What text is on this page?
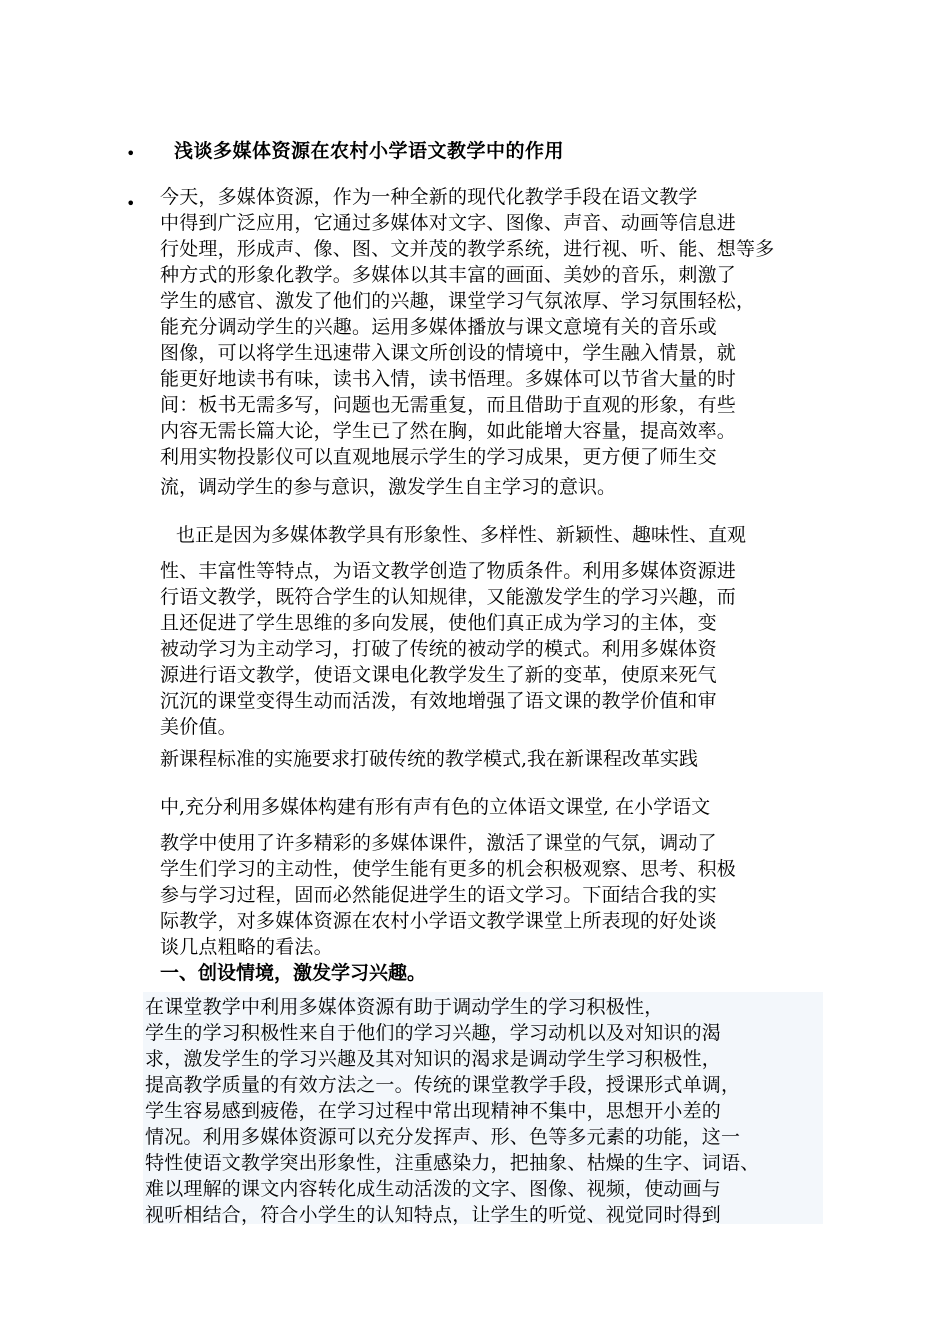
• 浅谈多媒体资源在农村小学语文教学中的作用
• 今天，多媒体资源，作为一种全新的现代化教学手段在语文教学
中得到广泛应用，它通过多媒体对文字、图像、声音、动画等信息进
行处理，形成声、像、图、文并茂的教学系统，进行视、听、能、想等多
种方式的形象化教学。多媒体以其丰富的画面、美妙的音乐，刺激了
学生的感官、激发了他们的兴趣，课堂学习气氛浓厚、学习氛围轻松，
能充分调动学生的兴趣。运用多媒体播放与课文意境有关的音乐或
图像，可以将学生迅速带入课文所创设的情境中，学生融入情景，就
能更好地读书有味，读书入情，读书悟理。多媒体可以节省大量的时
间：板书无需多写，问题也无需重复，而且借助于直观的形象，有些
内容无需长篇大论，学生已了然在胸，如此能增大容量，提高效率。
利用实物投影仪可以直观地展示学生的学习成果，更方便了师生交
流，调动学生的参与意识，激发学生自主学习的意识。
也正是因为多媒体教学具有形象性、多样性、新颖性、趣味性、直观
性、丰富性等特点，为语文教学创造了物质条件。利用多媒体资源进
行语文教学，既符合学生的认知规律，又能激发学生的学习兴趣，而
且还促进了学生思维的多向发展，使他们真正成为学习的主体，变
被动学习为主动学习，打破了传统的被动学的模式。利用多媒体资
源进行语文教学，使语文课电化教学发生了新的变革，使原来死气
沉沉的课堂变得生动而活泼，有效地增强了语文课的教学价值和审
美价值。
新课程标准的实施要求打破传统的教学模式,我在新课程改革实践
中,充分利用多媒体构建有形有声有色的立体语文课堂, 在小学语文
教学中使用了许多精彩的多媒体课件，激活了课堂的气氛，调动了
学生们学习的主动性，使学生能有更多的机会积极观察、思考、积极
参与学习过程，固而必然能促进学生的语文学习。下面结合我的实
际教学，对多媒体资源在农村小学语文教学课堂上所表现的好处谈
谈几点粗略的看法。
一、创设情境，激发学习兴趣。
在课堂教学中利用多媒体资源有助于调动学生的学习积极性，
学生的学习积极性来自于他们的学习兴趣，学习动机以及对知识的渴
求，激发学生的学习兴趣及其对知识的渴求是调动学生学习积极性，
提高教学质量的有效方法之一。传统的课堂教学手段，授课形式单调，
学生容易感到疲倦，在学习过程中常出现精神不集中，思想开小差的
情况。利用多媒体资源可以充分发挥声、形、色等多元素的功能，这一
特性使语文教学突出形象性，注重感染力，把抽象、枯燥的生字、词语、
难以理解的课文内容转化成生动活泼的文字、图像、视频，使动画与
视听相结合，符合小学生的认知特点，让学生的听觉、视觉同时得到
